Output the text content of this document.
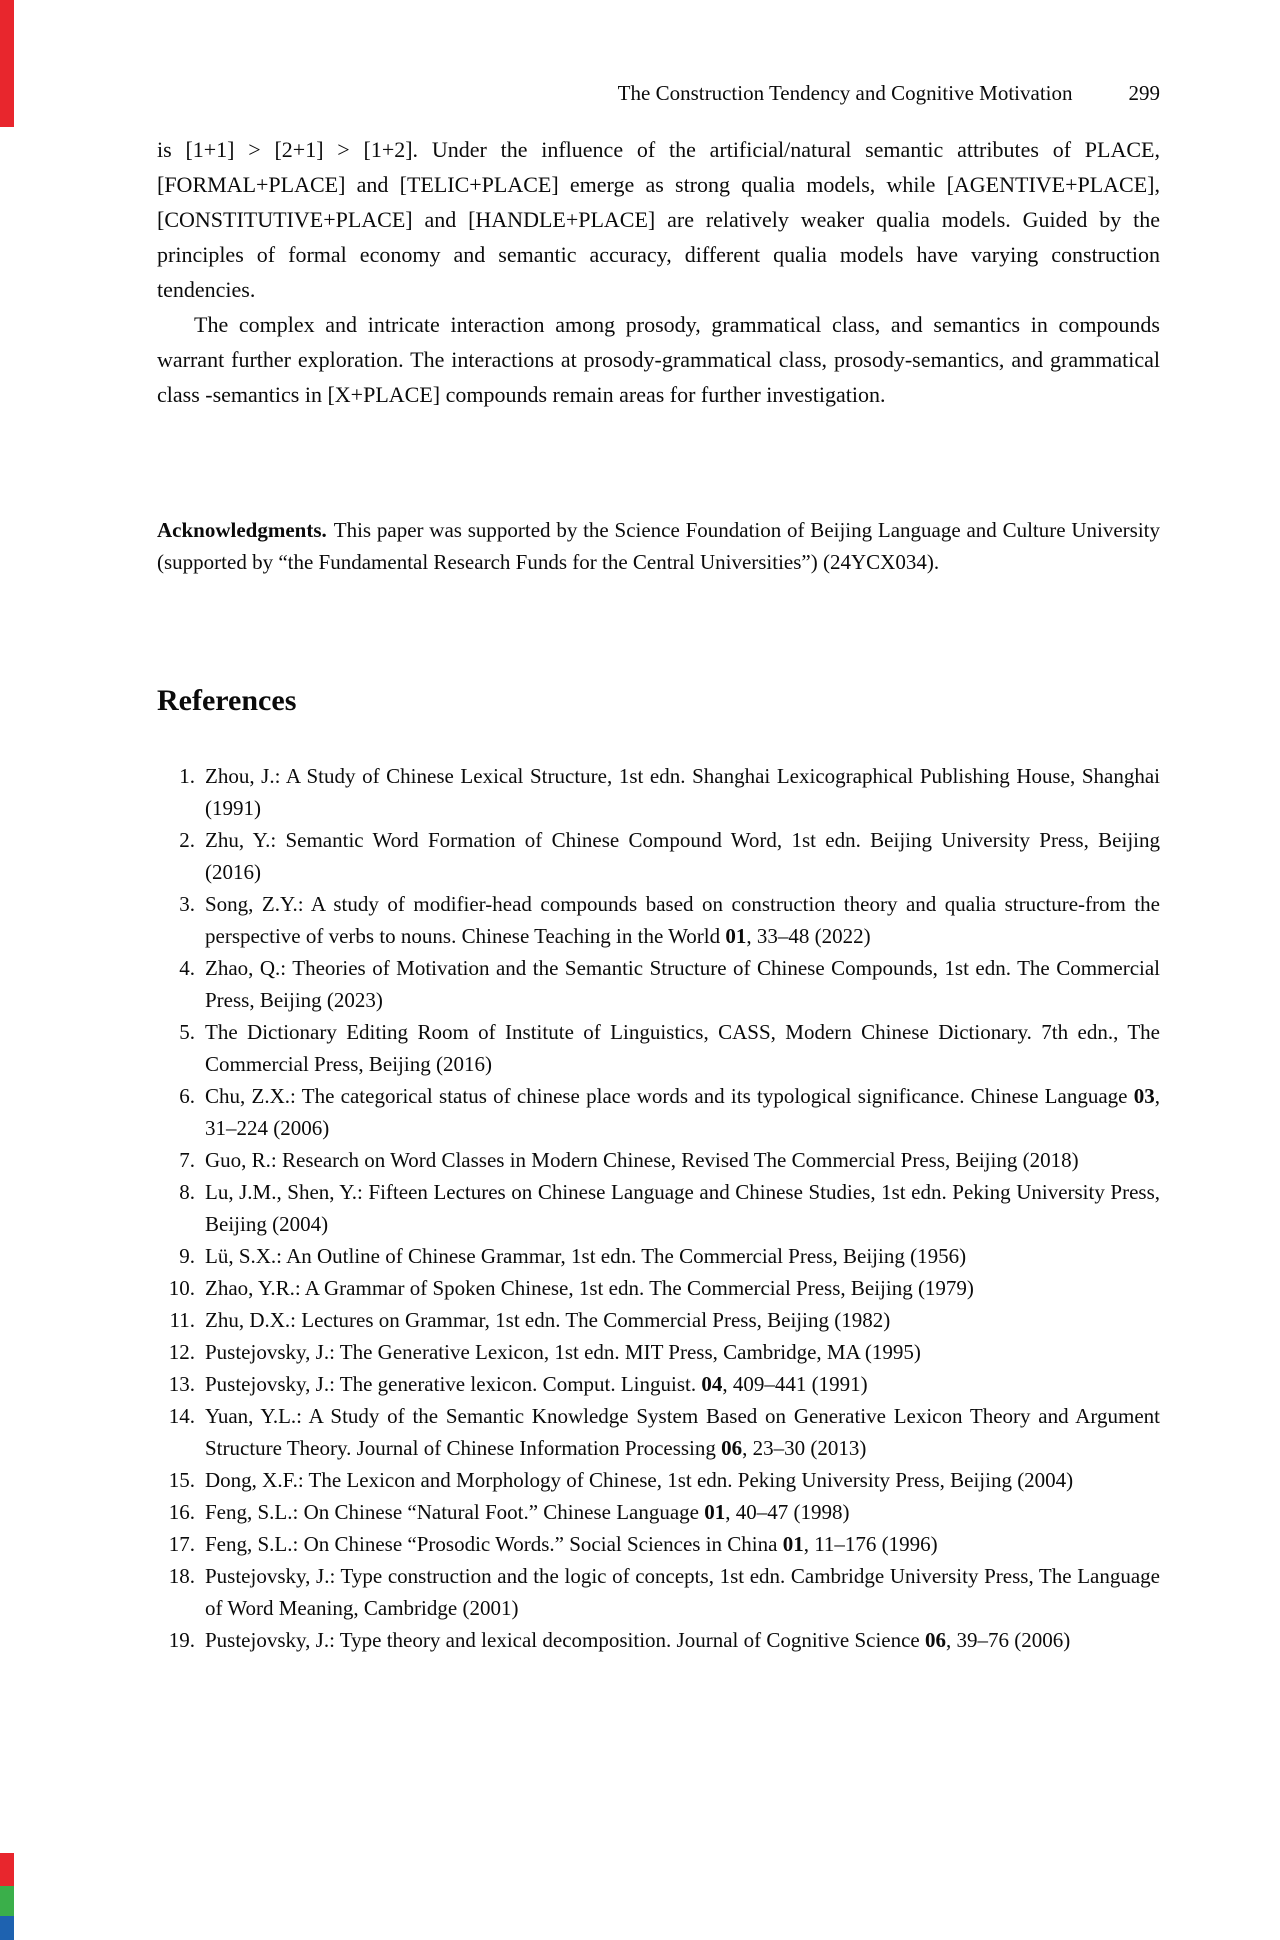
The Construction Tendency and Cognitive Motivation	299

is [1+1] > [2+1] > [1+2]. Under the influence of the artificial/natural semantic attributes of PLACE, [FORMAL+PLACE] and [TELIC+PLACE] emerge as strong qualia models, while [AGENTIVE+PLACE], [CONSTITUTIVE+PLACE] and [HANDLE+PLACE] are relatively weaker qualia models. Guided by the principles of formal economy and semantic accuracy, different qualia models have varying construction tendencies.

The complex and intricate interaction among prosody, grammatical class, and semantics in compounds warrant further exploration. The interactions at prosody-grammatical class, prosody-semantics, and grammatical class -semantics in [X+PLACE] compounds remain areas for further investigation.

Acknowledgments. This paper was supported by the Science Foundation of Beijing Language and Culture University (supported by “the Fundamental Research Funds for the Central Universities”) (24YCX034).
References
1. Zhou, J.: A Study of Chinese Lexical Structure, 1st edn. Shanghai Lexicographical Publishing House, Shanghai (1991)
2. Zhu, Y.: Semantic Word Formation of Chinese Compound Word, 1st edn. Beijing University Press, Beijing (2016)
3. Song, Z.Y.: A study of modifier-head compounds based on construction theory and qualia structure-from the perspective of verbs to nouns. Chinese Teaching in the World 01, 33–48 (2022)
4. Zhao, Q.: Theories of Motivation and the Semantic Structure of Chinese Compounds, 1st edn. The Commercial Press, Beijing (2023)
5. The Dictionary Editing Room of Institute of Linguistics, CASS, Modern Chinese Dictionary. 7th edn., The Commercial Press, Beijing (2016)
6. Chu, Z.X.: The categorical status of chinese place words and its typological significance. Chinese Language 03, 31–224 (2006)
7. Guo, R.: Research on Word Classes in Modern Chinese, Revised The Commercial Press, Beijing (2018)
8. Lu, J.M., Shen, Y.: Fifteen Lectures on Chinese Language and Chinese Studies, 1st edn. Peking University Press, Beijing (2004)
9. Lü, S.X.: An Outline of Chinese Grammar, 1st edn. The Commercial Press, Beijing (1956)
10. Zhao, Y.R.: A Grammar of Spoken Chinese, 1st edn. The Commercial Press, Beijing (1979)
11. Zhu, D.X.: Lectures on Grammar, 1st edn. The Commercial Press, Beijing (1982)
12. Pustejovsky, J.: The Generative Lexicon, 1st edn. MIT Press, Cambridge, MA (1995)
13. Pustejovsky, J.: The generative lexicon. Comput. Linguist. 04, 409–441 (1991)
14. Yuan, Y.L.: A Study of the Semantic Knowledge System Based on Generative Lexicon Theory and Argument Structure Theory. Journal of Chinese Information Processing 06, 23–30 (2013)
15. Dong, X.F.: The Lexicon and Morphology of Chinese, 1st edn. Peking University Press, Beijing (2004)
16. Feng, S.L.: On Chinese “Natural Foot.” Chinese Language 01, 40–47 (1998)
17. Feng, S.L.: On Chinese “Prosodic Words.” Social Sciences in China 01, 11–176 (1996)
18. Pustejovsky, J.: Type construction and the logic of concepts, 1st edn. Cambridge University Press, The Language of Word Meaning, Cambridge (2001)
19. Pustejovsky, J.: Type theory and lexical decomposition. Journal of Cognitive Science 06, 39–76 (2006)
